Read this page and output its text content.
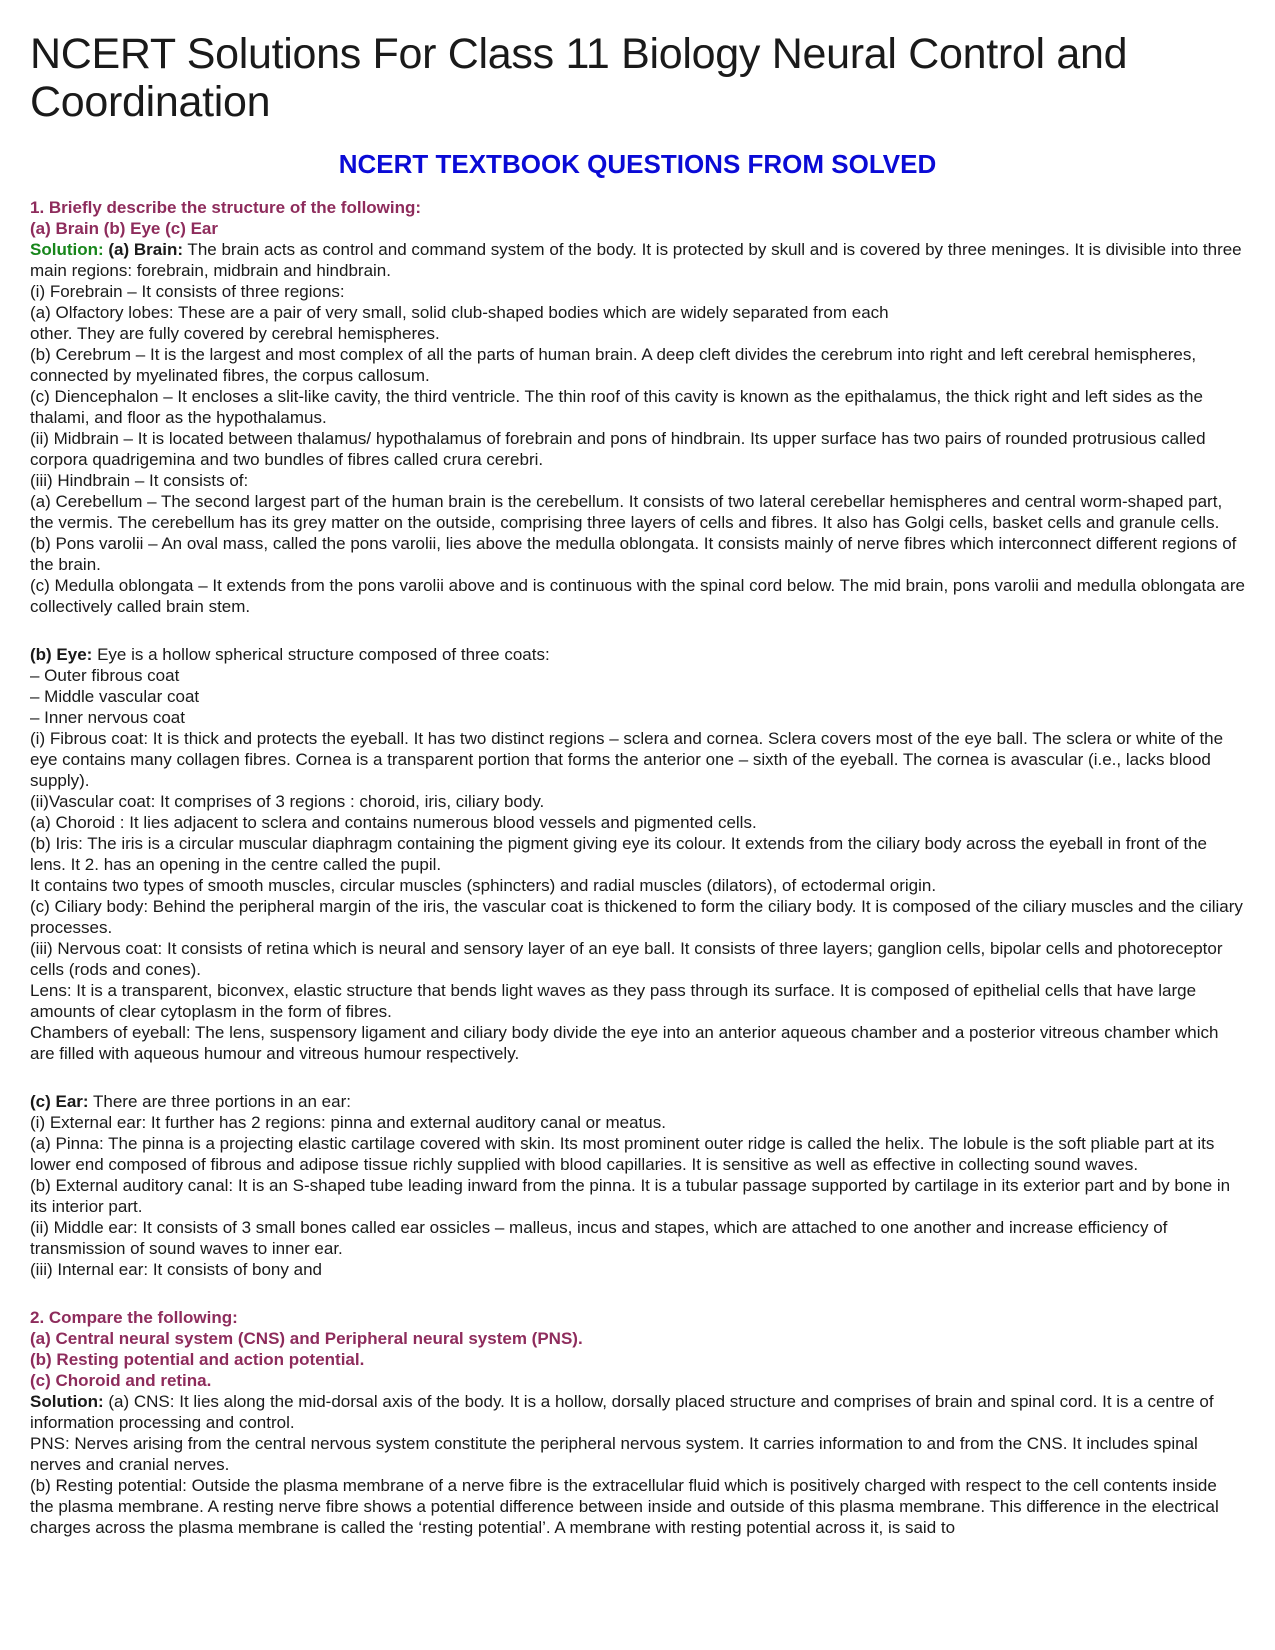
NCERT Solutions For Class 11 Biology Neural Control and Coordination
NCERT TEXTBOOK QUESTIONS FROM SOLVED
1. Briefly describe the structure of the following:
(a) Brain (b) Eye (c) Ear

Solution: (a) Brain: The brain acts as control and command system of the body. It is protected by skull and is covered by three meninges. It is divisible into three main regions: forebrain, midbrain and hindbrain.

(i) Forebrain – It consists of three regions:

(a) Olfactory lobes: These are a pair of very small, solid club-shaped bodies which are widely separated from each

other. They are fully covered by cerebral hemispheres.

(b) Cerebrum – It is the largest and most complex of all the parts of human brain. A deep cleft divides the cerebrum into right and left cerebral hemispheres, connected by myelinated fibres, the corpus callosum.

(c) Diencephalon – It encloses a slit-like cavity, the third ventricle. The thin roof of this cavity is known as the epithalamus, the thick right and left sides as the thalami, and floor as the hypothalamus.

(ii) Midbrain – It is located between thalamus/ hypothalamus of forebrain and pons of hindbrain. Its upper surface has two pairs of rounded protrusious called corpora quadrigemina and two bundles of fibres called crura cerebri.

(iii) Hindbrain – It consists of:

(a) Cerebellum – The second largest part of the human brain is the cerebellum. It consists of two lateral cerebellar hemispheres and central worm-shaped part, the vermis. The cerebellum has its grey matter on the outside, comprising three layers of cells and fibres. It also has Golgi cells, basket cells and granule cells.

(b) Pons varolii – An oval mass, called the pons varolii, lies above the medulla oblongata. It consists mainly of nerve fibres which interconnect different regions of the brain.

(c) Medulla oblongata – It extends from the pons varolii above and is continuous with the spinal cord below. The mid brain, pons varolii and medulla oblongata are collectively called brain stem.

(b) Eye: Eye is a hollow spherical structure composed of three coats:

– Outer fibrous coat

– Middle vascular coat

– Inner nervous coat

(i) Fibrous coat: It is thick and protects the eyeball. It has two distinct regions – sclera and cornea. Sclera covers most of the eye ball. The sclera or white of the eye contains many collagen fibres. Cornea is a transparent portion that forms the anterior one – sixth of the eyeball. The cornea is avascular (i.e., lacks blood supply).

(ii)Vascular coat: It comprises of 3 regions : choroid, iris, ciliary body.

(a) Choroid : It lies adjacent to sclera and contains numerous blood vessels and pigmented cells.

(b) Iris: The iris is a circular muscular diaphragm containing the pigment giving eye its colour. It extends from the ciliary body across the eyeball in front of the lens. It 2. has an opening in the centre called the pupil.

It contains two types of smooth muscles, circular muscles (sphincters) and radial muscles (dilators), of ectodermal origin.

(c) Ciliary body: Behind the peripheral margin of the iris, the vascular coat is thickened to form the ciliary body. It is composed of the ciliary muscles and the ciliary processes.

(iii) Nervous coat: It consists of retina which is neural and sensory layer of an eye ball. It consists of three layers; ganglion cells, bipolar cells and photoreceptor cells (rods and cones).

Lens: It is a transparent, biconvex, elastic structure that bends light waves as they pass through its surface. It is composed of epithelial cells that have large amounts of clear cytoplasm in the form of fibres.

Chambers of eyeball: The lens, suspensory ligament and ciliary body divide the eye into an anterior aqueous chamber and a posterior vitreous chamber which are filled with aqueous humour and vitreous humour respectively.

(c) Ear: There are three portions in an ear:

(i) External ear: It further has 2 regions: pinna and external auditory canal or meatus.

(a) Pinna: The pinna is a projecting elastic cartilage covered with skin. Its most prominent outer ridge is called the helix. The lobule is the soft pliable part at its lower end composed of fibrous and adipose tissue richly supplied with blood capillaries. It is sensitive as well as effective in collecting sound waves.

(b) External auditory canal: It is an S-shaped tube leading inward from the pinna. It is a tubular passage supported by cartilage in its exterior part and by bone in its interior part.

(ii) Middle ear: It consists of 3 small bones called ear ossicles – malleus, incus and stapes, which are attached to one another and increase efficiency of transmission of sound waves to inner ear.

(iii) Internal ear: It consists of bony and

2. Compare the following:
(a) Central neural system (CNS) and Peripheral neural system (PNS).
(b) Resting potential and action potential.
(c) Choroid and retina.

Solution: (a) CNS: It lies along the mid-dorsal axis of the body. It is a hollow, dorsally placed structure and comprises of brain and spinal cord. It is a centre of information processing and control.

PNS: Nerves arising from the central nervous system constitute the peripheral nervous system. It carries information to and from the CNS. It includes spinal nerves and cranial nerves.

(b) Resting potential: Outside the plasma membrane of a nerve fibre is the extracellular fluid which is positively charged with respect to the cell contents inside the plasma membrane. A resting nerve fibre shows a potential difference between inside and outside of this plasma membrane. This difference in the electrical charges across the plasma membrane is called the ‘resting potential’. A membrane with resting potential across it, is said to
